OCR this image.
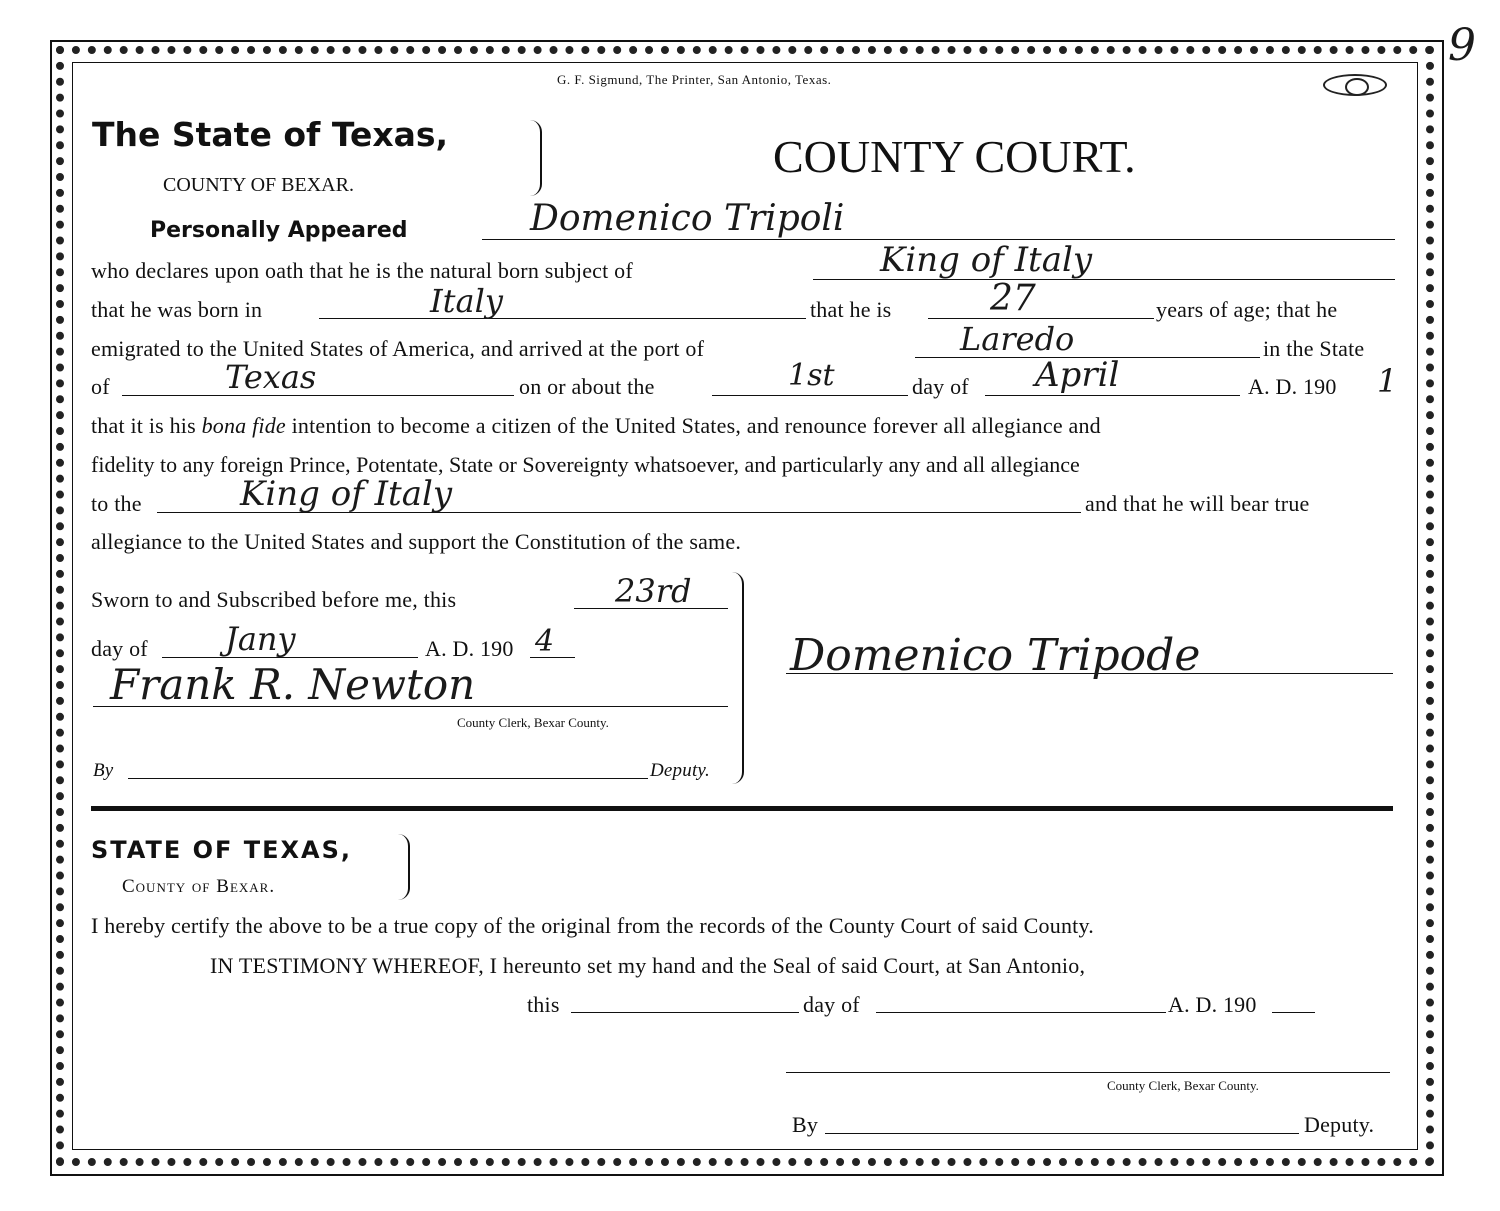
9
G. F. Sigmund, The Printer, San Antonio, Texas.
The State of Texas,
COUNTY OF BEXAR.
COUNTY COURT.
Personally Appeared	Domenico Tripoli
who declares upon oath that he is the natural born subject of	King of Italy
that he was born in	Italy	that he is	27	years of age; that he
emigrated to the United States of America, and arrived at the port of	Laredo	in the State
of	Texas	on or about the	1st	day of April	A. D. 190 1
that it is his bona fide intention to become a citizen of the United States, and renounce forever all allegiance and
fidelity to any foreign Prince, Potentate, State or Sovereignty whatsoever, and particularly any and all allegiance
to the	King of Italy	and that he will bear true
allegiance to the United States and support the Constitution of the same.
Sworn to and Subscribed before me, this	23rd
day of Jany	A. D. 190 4
Frank R. Newton
County Clerk, Bexar County.
By	Deputy.
Domenico Tripode
STATE OF TEXAS,
County of Bexar.
I hereby certify the above to be a true copy of the original from the records of the County Court of said County.
IN TESTIMONY WHEREOF, I hereunto set my hand and the Seal of said Court, at San Antonio,
this	day of	A. D. 190
County Clerk, Bexar County.
By	Deputy.
